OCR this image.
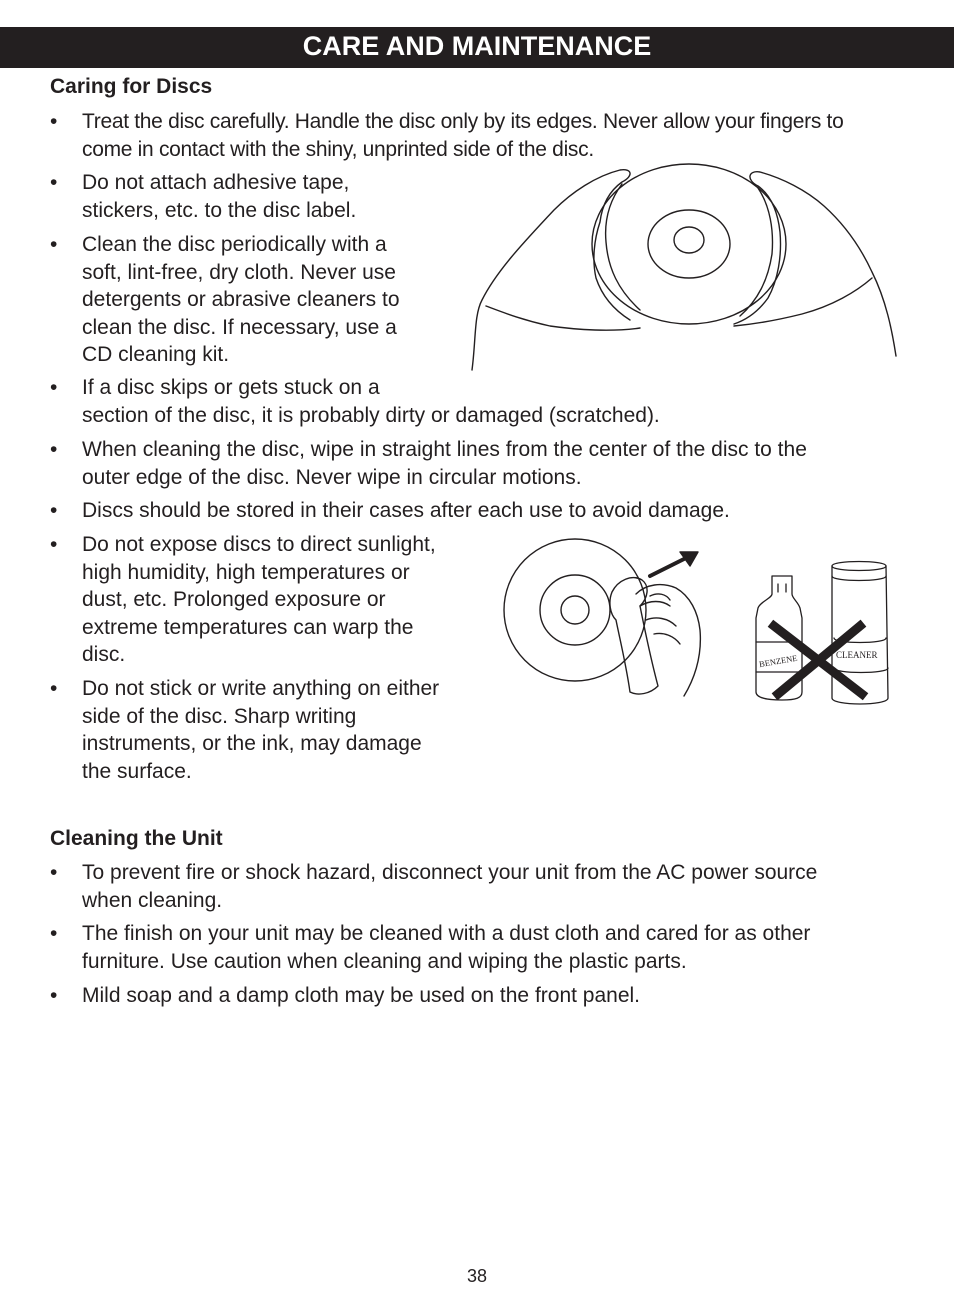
CARE AND MAINTENANCE
Caring for Discs
• Treat the disc carefully. Handle the disc only by its edges. Never allow your fingers to
come in contact with the shiny, unprinted side of the disc.
• Do not attach adhesive tape,
stickers, etc. to the disc label.
• Clean the disc periodically with a
soft, lint-free, dry cloth. Never use
detergents or abrasive cleaners to
clean the disc. If necessary, use a
CD cleaning kit.
• If a disc skips or gets stuck on a
section of the disc, it is probably dirty or damaged (scratched).
• When cleaning the disc, wipe in straight lines from the center of the disc to the
outer edge of the disc. Never wipe in circular motions.
• Discs should be stored in their cases after each use to avoid damage.
• Do not expose discs to direct sunlight,
high humidity, high temperatures or
dust, etc. Prolonged exposure or
extreme temperatures can warp the
disc.
• Do not stick or write anything on either
side of the disc. Sharp writing
instruments, or the ink, may damage
the surface.
Cleaning the Unit
• To prevent fire or shock hazard, disconnect your unit from the AC power source
when cleaning.
• The finish on your unit may be cleaned with a dust cloth and cared for as other
furniture. Use caution when cleaning and wiping the plastic parts.
• Mild soap and a damp cloth may be used on the front panel.
BENZENE	CLEANER
38
